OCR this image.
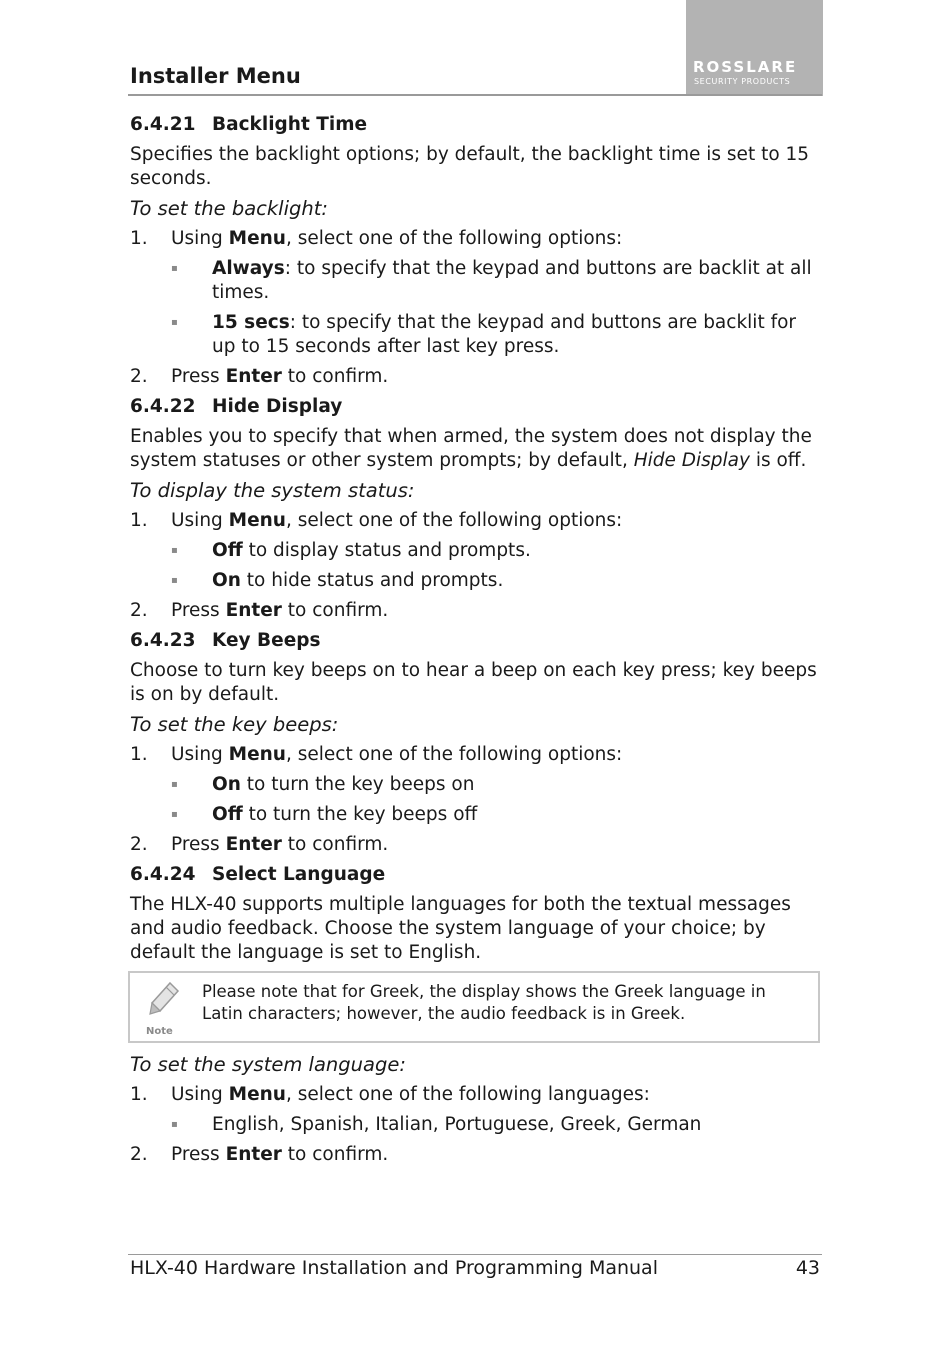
ROSSLARE
SECURITY PRODUCTS
Installer Menu
6.4.21 Backlight Time
Specifies the backlight options; by default, the backlight time is set to 15 seconds.
To set the backlight:
1.	Using Menu, select one of the following options:
▪	Always: to specify that the keypad and buttons are backlit at all times.
▪	15 secs: to specify that the keypad and buttons are backlit for up to 15 seconds after last key press.
2.	Press Enter to confirm.
6.4.22 Hide Display
Enables you to specify that when armed, the system does not display the system statuses or other system prompts; by default, Hide Display is off.
To display the system status:
1.	Using Menu, select one of the following options:
▪	Off to display status and prompts.
▪	On to hide status and prompts.
2.	Press Enter to confirm.
6.4.23 Key Beeps
Choose to turn key beeps on to hear a beep on each key press; key beeps is on by default.
To set the key beeps:
1.	Using Menu, select one of the following options:
▪	On to turn the key beeps on
▪	Off to turn the key beeps off
2.	Press Enter to confirm.
6.4.24 Select Language
The HLX-40 supports multiple languages for both the textual messages and audio feedback. Choose the system language of your choice; by default the language is set to English.
Note
Please note that for Greek, the display shows the Greek language in Latin characters; however, the audio feedback is in Greek.
To set the system language:
1.	Using Menu, select one of the following languages:
▪	English, Spanish, Italian, Portuguese, Greek, German
2.	Press Enter to confirm.
HLX-40 Hardware Installation and Programming Manual	43
